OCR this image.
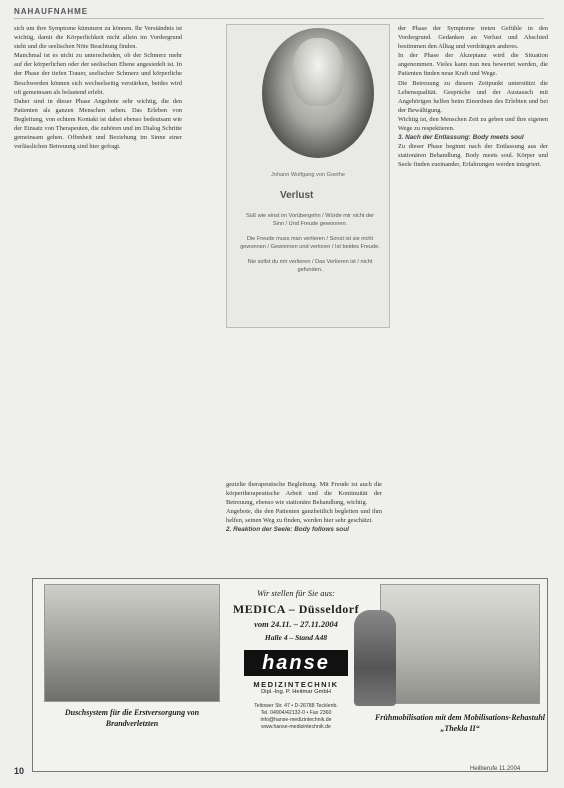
NAHAUFNAHME

sich um ihre Symptome kümmern zu können. Ihr Verständnis ist wichtig, damit die Körperlichkeit nicht allein im Vordergrund steht und die seelischen Nöte Beachtung finden.

Manchmal ist es nicht zu unterscheiden, ob der Schmerz mehr auf der körperlichen oder der seelischen Ebene angesiedelt ist. In der Phase der tiefen Trauer, seelischer Schmerz und körperliche Beschwerden können sich wechselseitig verstärken, beides wird oft gemeinsam als belastend erlebt.

Daher sind in dieser Phase Angebote sehr wichtig, die den Patienten als ganzen Menschen sehen. Das Erleben von Begleitung, von echtem Kontakt ist dabei ebenso bedeutsam wie der Einsatz von Therapeuten, die zuhören und im Dialog Schritte gemeinsam gehen. Offenheit und Beziehung im Sinne einer verlässlichen Betreuung sind hier gefragt.

Johann Wolfgang von Goethe
Verlust
Süß wie einst im Vorübergehn / Würde mir nicht der Sinn / Und Freude gewonnen.
Die Freude muss man verlieren / Sonst ist sie nicht gewonnen / Gewonnen und verloren / Ist beides Freude.
Nie sollst du mir verlieren / Das Verlieren ist / nicht gefunden.

gezielte therapeutische Begleitung. Mit Freude ist auch die körpertherapeutische Arbeit und die Kontinuität der Betreuung, ebenso wie stationäre Behandlung, wichtig.

Angebote, die den Patienten ganzheitlich begleiten und ihm helfen, seinen Weg zu finden, werden hier sehr geschätzt.

2. Reaktion der Seele: Body follows soul

der Phase der Symptome treten Gefühle in den Vordergrund. Gedanken an Verlust und Abschied bestimmen den Alltag und verdrängen anderes.

In der Phase der Akzeptanz wird die Situation angenommen. Vieles kann nun neu bewertet werden, die Patienten finden neue Kraft und Wege.

Die Betreuung zu diesem Zeitpunkt unterstützt die Lebensqualität. Gespräche und der Austausch mit Angehörigen helfen beim Einordnen des Erlebten und bei der Bewältigung.

Wichtig ist, den Menschen Zeit zu geben und ihre eigenen Wege zu respektieren.

3. Nach der Entlassung: Body meets soul

Zu dieser Phase beginnt nach der Entlassung aus der stationären Behandlung. Body meets soul. Körper und Seele finden zueinander, Erfahrungen werden integriert.

Wir stellen für Sie aus:
MEDICA – Düsseldorf
vom 24.11. – 27.11.2004
Halle 4 – Stand A48
hanse
MEDIZINTECHNIK
Dipl.-Ing. P. Heitmar GmbH
Teltower Str. 47 • D-26788 Tecklenb.
Tel. 04904/42132-0 • Fax 2360
info@hanse-medizintechnik.de
www.hanse-medizintechnik.de
Duschsystem für die Erstversorgung von Brandverletzten
Frühmobilisation mit dem Mobilisations-Rehastuhl „Thekla II“
10	Heilberufe 11.2004
